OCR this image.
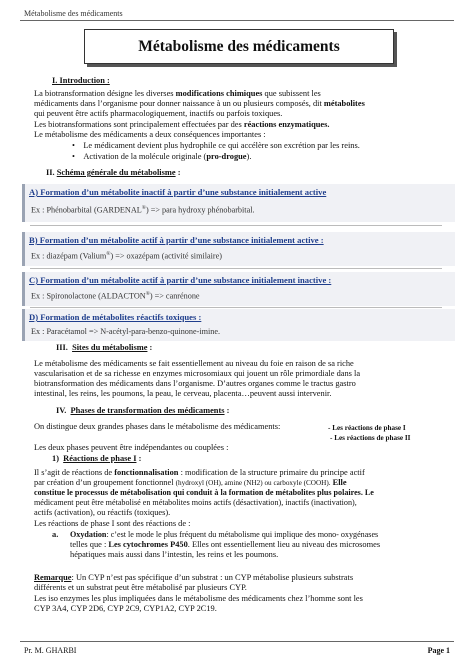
Métabolisme des médicaments
Métabolisme des médicaments
I. Introduction :
La biotransformation désigne les diverses modifications chimiques que subissent les
médicaments dans l’organisme pour donner naissance à un ou plusieurs composés, dit métabolites
qui peuvent être actifs pharmacologiquement, inactifs ou parfois toxiques.
Les biotransformations sont principalement effectuées par des réactions enzymatiques.
Le métabolisme des médicaments a deux conséquences importantes :
•    Le médicament devient plus hydrophile ce qui accélère son excrétion par les reins.
•    Activation de la molécule originale (pro-drogue).
II. Schéma générale du métabolisme :
A) Formation d’un métabolite inactif à partir d’une substance initialement active
Ex : Phénobarbital (GARDENAL®) => para hydroxy phénobarbital.
B) Formation d’un métabolite actif à partir d’une substance initialement active :
Ex : diazépam (Valium®) => oxazépam (activité similaire)
C) Formation d’un métabolite actif à partir d’une substance initialement inactive :
Ex : Spironolactone (ALDACTON®) => canrénone
D) Formation de métabolites réactifs toxiques :
Ex : Paracétamol => N-acétyl-para-benzo-quinone-imine.
III. Sites du métabolisme :
Le métabolisme des médicaments se fait essentiellement au niveau du foie en raison de sa riche
vascularisation et de sa richesse en enzymes microsomiaux qui jouent un rôle primordiale dans la
biotransformation des médicaments dans l’organisme. D’autres organes comme le tractus gastro
intestinal, les reins, les poumons, la peau, le cerveau, placenta…peuvent aussi intervenir.
IV. Phases de transformation des médicaments :
On distingue deux grandes phases dans le métabolisme des médicaments:	- Les réactions de phase I
- Les réactions de phase II
Les deux phases peuvent être indépendantes ou couplées :
1) Réactions de phase I :
Il s’agit de réactions de fonctionnalisation : modification de la structure primaire du principe actif
par création d’un groupement fonctionnel (hydroxyl (OH), amine (NH2) ou carboxyle (COOH). Elle
constitue le processus de métabolisation qui conduit à la formation de métabolites plus polaires. Le
médicament peut être métabolisé en métabolites moins actifs (désactivation), inactifs (inactivation),
actifs (activation), ou réactifs (toxiques).
Les réactions de phase I sont des réactions de :
a. Oxydation: c’est le mode le plus fréquent du métabolisme qui implique des mono- oxygénases
telles que : Les cytochromes P450. Elles ont essentiellement lieu au niveau des microsomes
hépatiques mais aussi dans l’intestin, les reins et les poumons.
Remarque: Un CYP n’est pas spécifique d’un substrat : un CYP métabolise plusieurs substrats
différents et un substrat peut être métabolisé par plusieurs CYP.
Les iso enzymes les plus impliquées dans le métabolisme des médicaments chez l’homme sont les
CYP 3A4, CYP 2D6, CYP 2C9, CYP1A2, CYP 2C19.
Pr. M. GHARBI	Page 1
